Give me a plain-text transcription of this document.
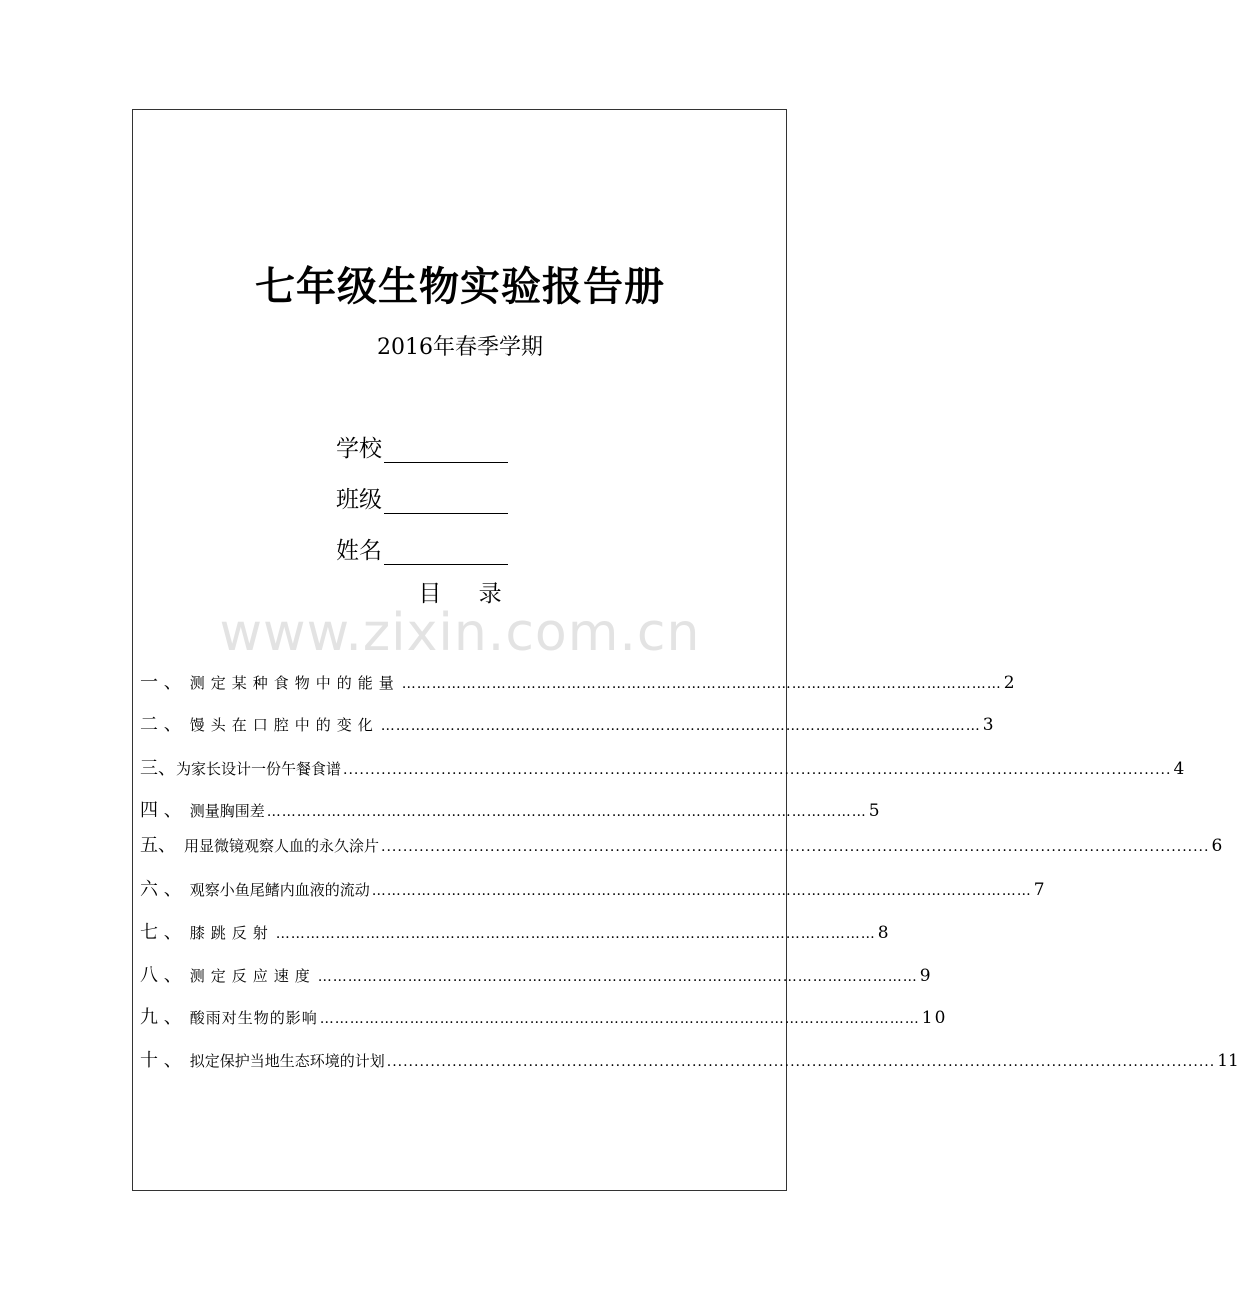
七年级生物实验报告册
2016年春季学期
学校
班级
姓名
目 录
www.zixin.com.cn
一 、 测定某种食物中的能量 ………………………………………………………………………………………………………… 2
二 、 馒头在口腔中的变化 ………………………………………………………………………………………………………… 3
三、 为家长设计一份午餐食谱 ........................................................................................................................................................ 4
四 、 测量胸围差 ………………………………………………………………………………………………………… 5
五、 用显微镜观察人血的永久涂片 ........................................................................................................................................................ 6
六 、 观察小鱼尾鳍内血液的流动 …………………………………………………………………………………………………………………… 7
七 、 膝跳反射 ………………………………………………………………………………………………………… 8
八 、 测定反应速度 ………………………………………………………………………………………………………… 9
九 、 酸雨对生物的影响 ………………………………………………………………………………………………………… 10
十 、 拟定保护当地生态环境的计划 ........................................................................................................................................................ 11
